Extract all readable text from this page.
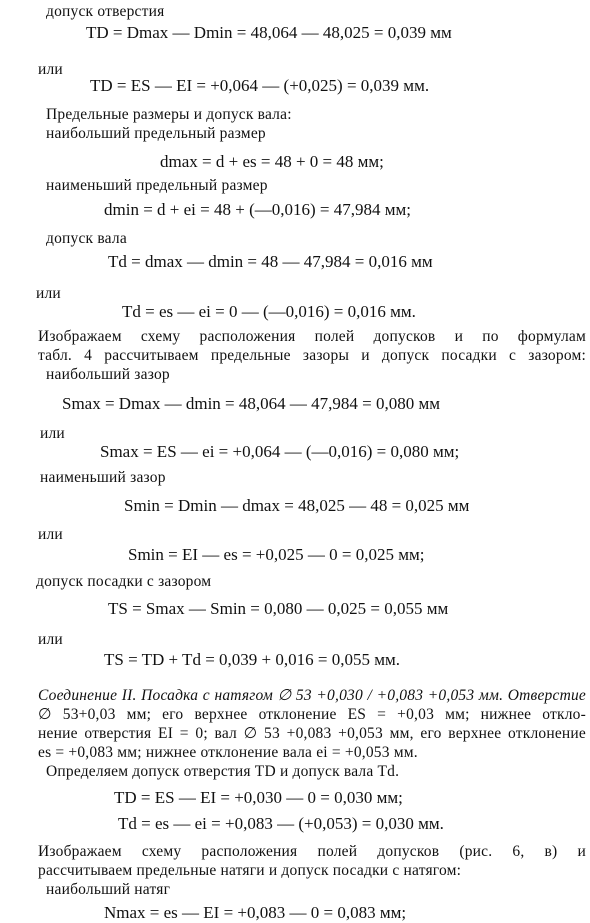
допуск отверстия
TD = Dmax — Dmin = 48,064 — 48,025 = 0,039 мм
или
TD = ES — EI = +0,064 — (+0,025) = 0,039 мм.
Предельные размеры и допуск вала:
наибольший предельный размер
dmax = d + es = 48 + 0 = 48 мм;
наименьший предельный размер
dmin = d + ei = 48 + (—0,016) = 47,984 мм;
допуск вала
Td = dmax — dmin = 48 — 47,984 = 0,016 мм
или
Td = es — ei = 0 — (—0,016) = 0,016 мм.
Изображаем схему расположения полей допусков и по формулам
табл. 4 рассчитываем предельные зазоры и допуск посадки с зазором:
наибольший зазор
Smax = Dmax — dmin = 48,064 — 47,984 = 0,080 мм
или
Smax = ES — ei = +0,064 — (—0,016) = 0,080 мм;
наименьший зазор
Smin = Dmin — dmax = 48,025 — 48 = 0,025 мм
или
Smin = EI — es = +0,025 — 0 = 0,025 мм;
допуск посадки с зазором
TS = Smax — Smin = 0,080 — 0,025 = 0,055 мм
или
TS = TD + Td = 0,039 + 0,016 = 0,055 мм.
Соединение II. Посадка с натягом ∅ 53 +0,030 / +0,083 +0,053 мм. Отверстие
∅ 53+0,03 мм; его верхнее отклонение ES = +0,03 мм; нижнее откло-
нение отверстия EI = 0; вал ∅ 53 +0,083 +0,053 мм, его верхнее отклонение
es = +0,083 мм; нижнее отклонение вала ei = +0,053 мм.
Определяем допуск отверстия TD и допуск вала Td.
TD = ES — EI = +0,030 — 0 = 0,030 мм;
Td = es — ei = +0,083 — (+0,053) = 0,030 мм.
Изображаем схему расположения полей допусков (рис. 6, в) и
рассчитываем предельные натяги и допуск посадки с натягом:
наибольший натяг
Nmax = es — EI = +0,083 — 0 = 0,083 мм;
